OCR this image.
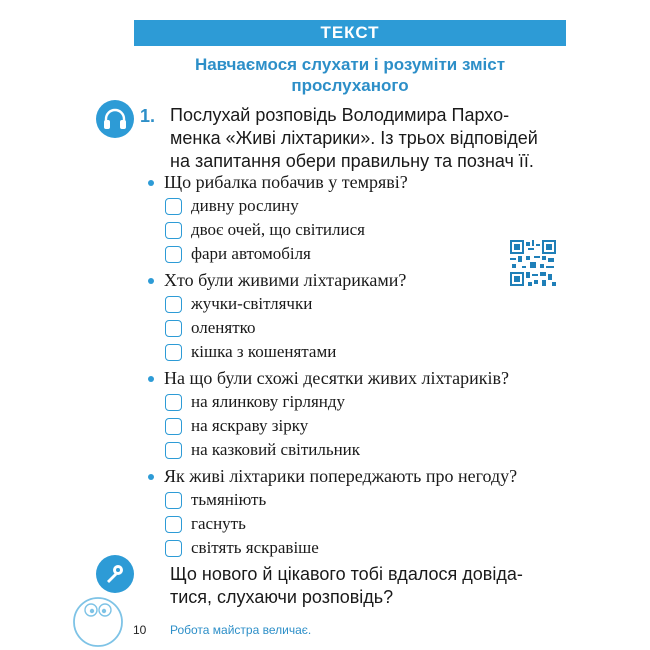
ТЕКСТ
Навчаємося слухати і розуміти зміст
прослуханого
1. Послухай розповідь Володимира Пархо-
менка «Живі ліхтарики». Із трьох відповідей
на запитання обери правильну та познач її.
Що рибалка побачив у темряві?
дивну рослину
двоє очей, що світилися
фари автомобіля
Хто були живими ліхтариками?
жучки-світлячки
оленятко
кішка з кошенятами
На що були схожі десятки живих ліхтариків?
на ялинкову гірлянду
на яскраву зірку
на казковий світильник
Як живі ліхтарики попереджають про негоду?
тьмяніють
гаснуть
світять яскравіше
Що нового й цікавого тобі вдалося довіда-
тися, слухаючи розповідь?
10 Робота майстра величає.
